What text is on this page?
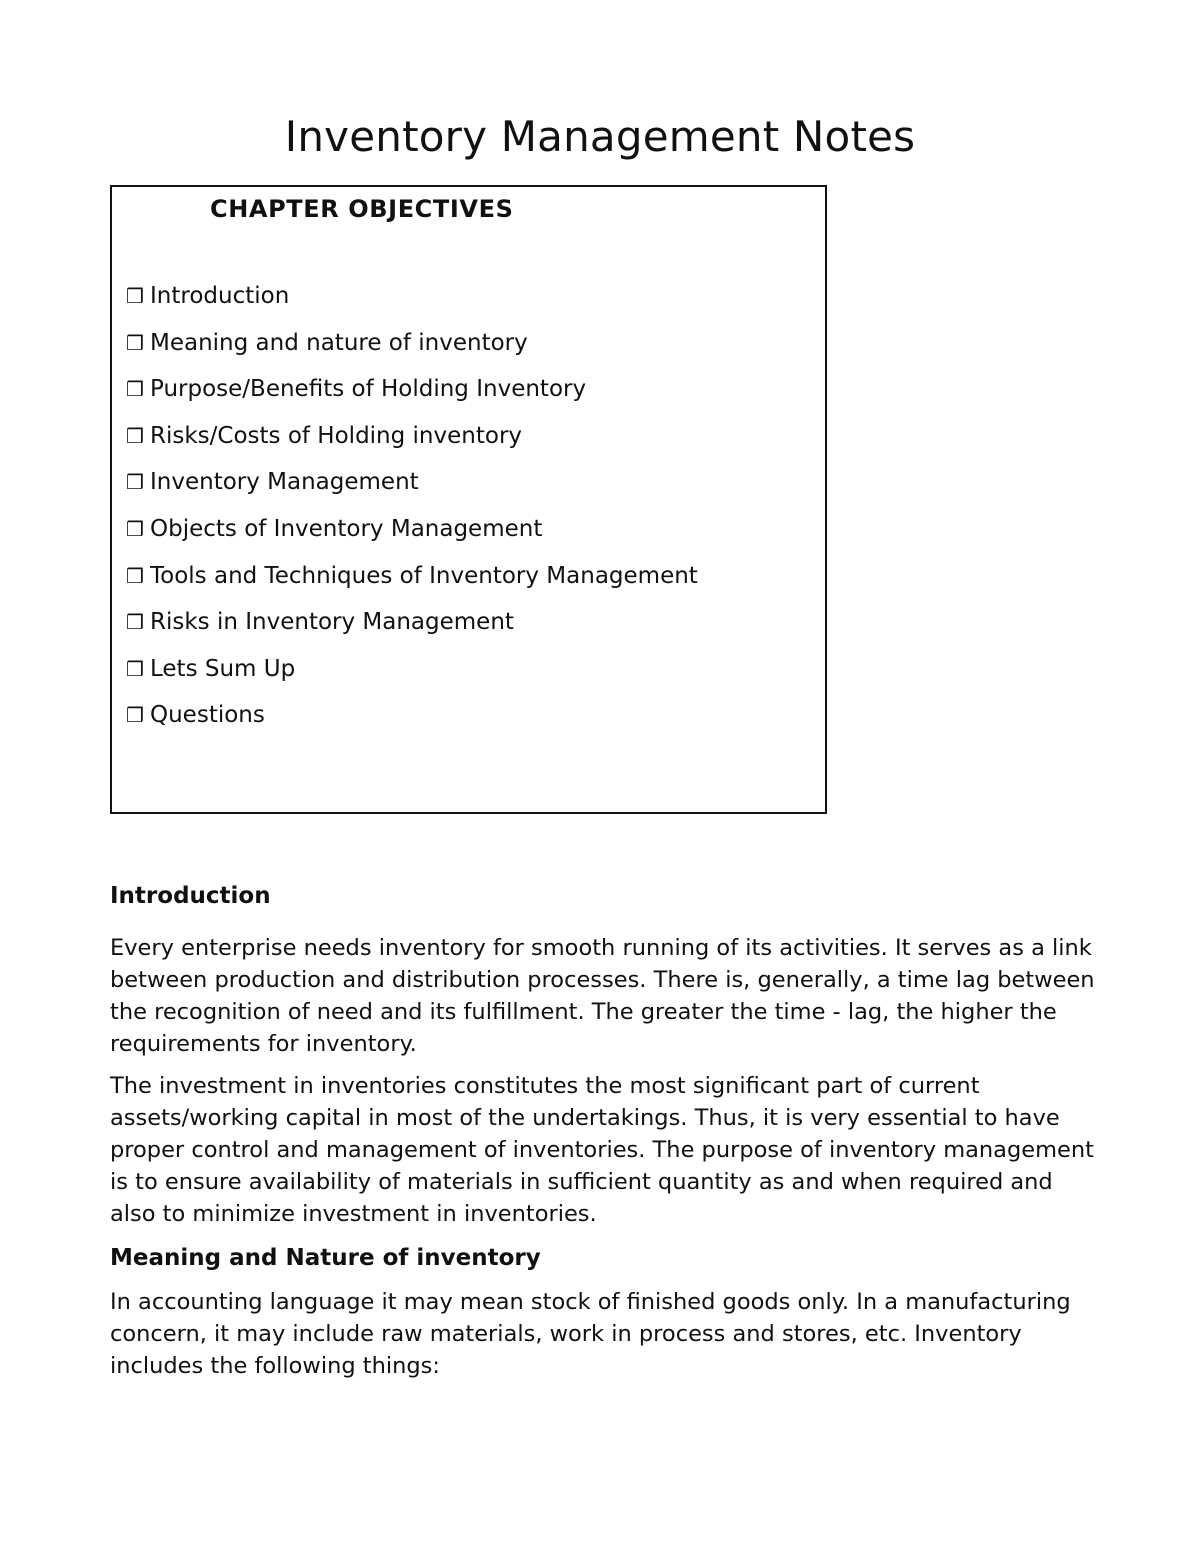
Inventory Management Notes
CHAPTER OBJECTIVES
❒ Introduction
❒ Meaning and nature of inventory
❒ Purpose/Benefits of Holding Inventory
❒ Risks/Costs of Holding inventory
❒ Inventory Management
❒ Objects of Inventory Management
❒ Tools and Techniques of Inventory Management
❒ Risks in Inventory Management
❒ Lets Sum Up
❒ Questions
Introduction

Every enterprise needs inventory for smooth running of its activities. It serves as a link between production and distribution processes. There is, generally, a time lag between the recognition of need and its fulfillment. The greater the time - lag, the higher the requirements for inventory.

The investment in inventories constitutes the most significant part of current assets/working capital in most of the undertakings. Thus, it is very essential to have proper control and management of inventories. The purpose of inventory management is to ensure availability of materials in sufficient quantity as and when required and also to minimize investment in inventories.

Meaning and Nature of inventory

In accounting language it may mean stock of finished goods only. In a manufacturing concern, it may include raw materials, work in process and stores, etc. Inventory includes the following things:
